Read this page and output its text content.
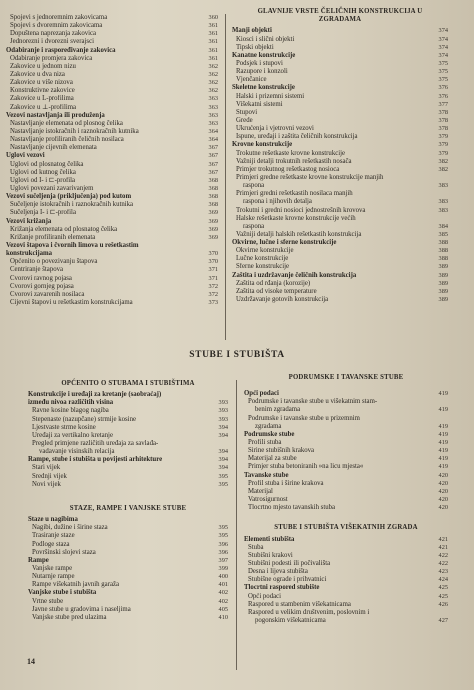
Spojevi s jednoremnim zakovicama	360
Spojevi s dvoremnim zakovicama	361
Dopuštena naprezanja zakovica	361
Jednorezni i dvorezni sverajsci	361
Odabiranje i raspoređivanje zakovica	361
Odabiranje promjera zakovica	361
Zakovice u jednom nizu	362
Zakovice u dva niza	362
Zakovice u više nizova	362
Konstruktivne zakovice	362
Zakovice u L-profilima	363
Zakovice u ⊥-profilima	363
Vezovi nastavljanja ili produženja	363
Nastavljanje elemenata od plosnog čelika	363
Nastavljanje istokračnih i raznokračnih kutnika	364
Nastavljanje profiliranih čeličnih nosilaca	364
Nastavljanje cijevnih elemenata	367
Uglovi vezovi	367
Uglovi od plosnatog čelika	367
Uglovi od kutnog čelika	367
Uglovi od I- i ⊏-profila	368
Uglovi povezani zavarivanjem	368
Vezovi sučeljenja (priključenja) pod kutom	368
Sučeljenje istokračnih i raznokračnih kutnika	368
Sučeljenja I- i ⊏-profila	369
Vezovi križanja	369
Križanja elemenata od plosnatog čelika	369
Križanje profiliranih elemenata	369
Vezovi štapova i čvornih limova u rešetkastim
konstrukcijama	370
Općenito o povezivanju štapova	370
Centriranje štapova	371
Čvorovi ravnog pojasa	371
Čvorovi gornjeg pojasa	372
Čvorovi zavarenih nosilaca	372
Cijevni štapovi u rešetkastim konstrukcijama	373
GLAVNIJE VRSTE ČELIČNIH KONSTRUKCIJA U ZGRADAMA
Manji objekti	374
Kiosci i slični objekti	374
Tipski objekti	374
Kanatne konstrukcije	374
Podsjek i stupovi	375
Razupore i konzoli	375
Vjenčanice	375
Skeletne konstrukcije	376
Halski i prizemni sistemi	376
Višekatni sistemi	377
Stupovi	378
Grede	378
Ukrućenja i vjetrovni vezovi	378
Ispune, uređaji i zaštita čeličnih konstrukcija	379
Krovne konstrukcije	379
Trokutne rešetkaste krovne konstrukcije	379
Važniji detalji trokutnih rešetkastih nosača	382
Primjer trokutnog rešetkastog nosioca	382
Primjeri gredne rešetkaste krovne konstrukcije manjih
raspona	383
Primjeri gredni rešetkastih nosilaca manjih
raspona i njihovih detalja	383
Trokutni i gredni nosioci jednostrešnih krovova	383
Halske rešetkaste krovne konstrukcije većih
raspona	384
Važniji detalji halskih rešetkastih konstrukcija	385
Okvirne, lučne i sferne konstrukcije	388
Okvirne konstrukcije	388
Lučne konstrukcije	388
Sferne konstrukcije	389
Zaštita i uzdržavanje čeličnih konstrukcija	389
Zaštita od rđanja (korozije)	389
Zaštita od visoke temperature	389
Uzdržavanje gotovih konstrukcija	389
STUBE I STUBIŠTA
OPĆENITO O STUBAMA I STUBIŠTIMA
Konstrukcije i uređaji za kretanje (saobraćaj)
između nivoa različitih visina	393
Ravne kosine blagog nagiba	393
Stepenaste (nazupčane) strmije kosine	393
Ljestvaste strme kosine	394
Uređaji za vertikalno kretanje	394
Pregled primjene različitih uređaja za savlađa-
vadavanje visinskih relacija	394
Rampe, stube i stubišta u povijesti arhitekture	394
Stari vijek	394
Srednji vijek	395
Novi vijek	395
STAZE, RAMPE I VANJSKE STUBE
Staze u nagibima
Nagibi, dužine i širine staza	395
Trasiranje staze	395
Podloge staza	396
Površinski slojevi staza	396
Rampe	397
Vanjske rampe	399
Nutarnje rampe	400
Rampe višekatnih javnih garaža	401
Vanjske stube i stubišta	402
Vrtne stube	402
Javne stube u gradovima i naseljima	405
Vanjske stube pred ulazima	410
PODRUMSKE I TAVANSKE STUBE
Opći podaci	419
Podrumske i tavanske stube u višekatnim stam-
benim zgradama	419
Podrumske i tavanske stube u prizemnim
zgradama	419
Podrumske stube	419
Profili stuba	419
Širine stubišnih krakova	419
Materijal za stube	419
Primjer stuba betoniranih »na licu mjesta«	419
Tavanske stube	420
Profil stuba i širine krakova	420
Materijal	420
Vatrosigurnost	420
Tlocrtno mjesto tavanskih stuba	420
STUBE I STUBIŠTA VIŠEKATNIH ZGRADA
Elementi stubišta	421
Stuba	421
Stubišni krakovi	422
Stubišni podesti ili počivališta	422
Desna i lijeva stubišta	423
Stubišne ograde i prihvatnici	424
Tlocrtni raspored stubište	425
Opći podaci	425
Raspored u stambenim višekatnicama	426
Raspored u velikim društvenim, poslovnim i
pogonskim višekatnicama	427
14
